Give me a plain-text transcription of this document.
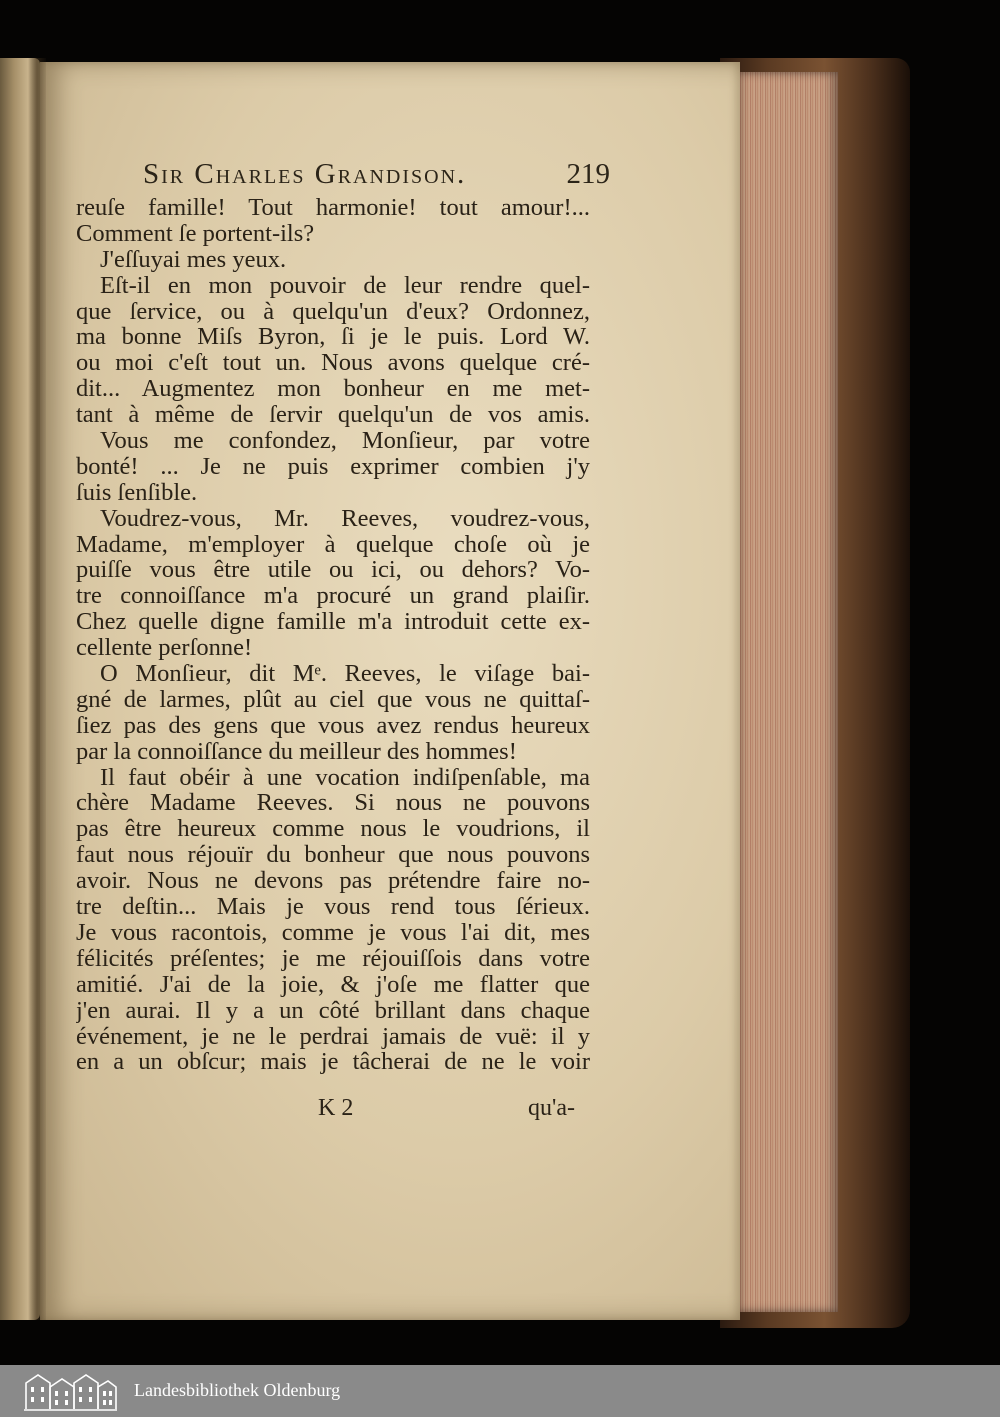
Sir Charles Grandison.	219
reuſe famille! Tout harmonie! tout amour!...
Comment ſe portent-ils?
J'eſſuyai mes yeux.
Eſt-il en mon pouvoir de leur rendre quel-
que ſervice, ou à quelqu'un d'eux? Ordonnez,
ma bonne Miſs Byron, ſi je le puis. Lord W.
ou moi c'eſt tout un. Nous avons quelque cré-
dit... Augmentez mon bonheur en me met-
tant à même de ſervir quelqu'un de vos amis.
Vous me confondez, Monſieur, par votre
bonté! ... Je ne puis exprimer combien j'y
ſuis ſenſible.
Voudrez-vous, Mr. Reeves, voudrez-vous,
Madame, m'employer à quelque choſe où je
puiſſe vous être utile ou ici, ou dehors? Vo-
tre connoiſſance m'a procuré un grand plaiſir.
Chez quelle digne famille m'a introduit cette ex-
cellente perſonne!
O Monſieur, dit Mᵉ. Reeves, le viſage bai-
gné de larmes, plût au ciel que vous ne quittaſ-
ſiez pas des gens que vous avez rendus heureux
par la connoiſſance du meilleur des hommes!
Il faut obéir à une vocation indiſpenſable, ma
chère Madame Reeves. Si nous ne pouvons
pas être heureux comme nous le voudrions, il
faut nous réjouïr du bonheur que nous pouvons
avoir. Nous ne devons pas prétendre faire no-
tre deſtin... Mais je vous rend tous ſérieux.
Je vous racontois, comme je vous l'ai dit, mes
félicités préſentes; je me réjouiſſois dans votre
amitié. J'ai de la joie, & j'oſe me flatter que
j'en aurai. Il y a un côté brillant dans chaque
événement, je ne le perdrai jamais de vuë: il y
en a un obſcur; mais je tâcherai de ne le voir
K 2	qu'a-
Landesbibliothek Oldenburg
